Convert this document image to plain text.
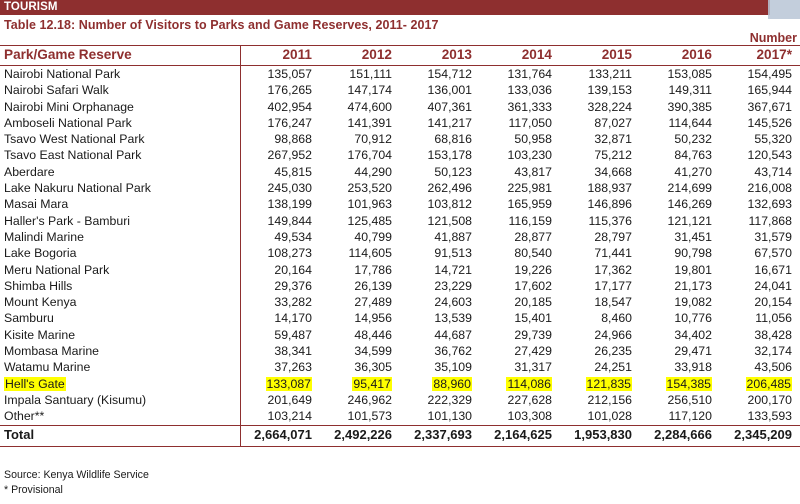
TOURISM
Table 12.18: Number of Visitors to Parks and Game Reserves, 2011- 2017
Number
Park/Game Reserve	2011	2012	2013	2014	2015	2016	2017*
Nairobi National Park	135,057	151,111	154,712	131,764	133,211	153,085	154,495
Nairobi Safari Walk	176,265	147,174	136,001	133,036	139,153	149,311	165,944
Nairobi Mini Orphanage	402,954	474,600	407,361	361,333	328,224	390,385	367,671
Amboseli National Park	176,247	141,391	141,217	117,050	87,027	114,644	145,526
Tsavo West National Park	98,868	70,912	68,816	50,958	32,871	50,232	55,320
Tsavo East National Park	267,952	176,704	153,178	103,230	75,212	84,763	120,543
Aberdare	45,815	44,290	50,123	43,817	34,668	41,270	43,714
Lake Nakuru National Park	245,030	253,520	262,496	225,981	188,937	214,699	216,008
Masai Mara	138,199	101,963	103,812	165,959	146,896	146,269	132,693
Haller's Park - Bamburi	149,844	125,485	121,508	116,159	115,376	121,121	117,868
Malindi Marine	49,534	40,799	41,887	28,877	28,797	31,451	31,579
Lake Bogoria	108,273	114,605	91,513	80,540	71,441	90,798	67,570
Meru National Park	20,164	17,786	14,721	19,226	17,362	19,801	16,671
Shimba Hills	29,376	26,139	23,229	17,602	17,177	21,173	24,041
Mount Kenya	33,282	27,489	24,603	20,185	18,547	19,082	20,154
Samburu	14,170	14,956	13,539	15,401	8,460	10,776	11,056
Kisite Marine	59,487	48,446	44,687	29,739	24,966	34,402	38,428
Mombasa Marine	38,341	34,599	36,762	27,429	26,235	29,471	32,174
Watamu Marine	37,263	36,305	35,109	31,317	24,251	33,918	43,506
Hell's Gate	133,087	95,417	88,960	114,086	121,835	154,385	206,485
Impala Santuary (Kisumu)	201,649	246,962	222,329	227,628	212,156	256,510	200,170
Other**	103,214	101,573	101,130	103,308	101,028	117,120	133,593
Total	2,664,071	2,492,226	2,337,693	2,164,625	1,953,830	2,284,666	2,345,209
Source: Kenya Wildlife Service
* Provisional
